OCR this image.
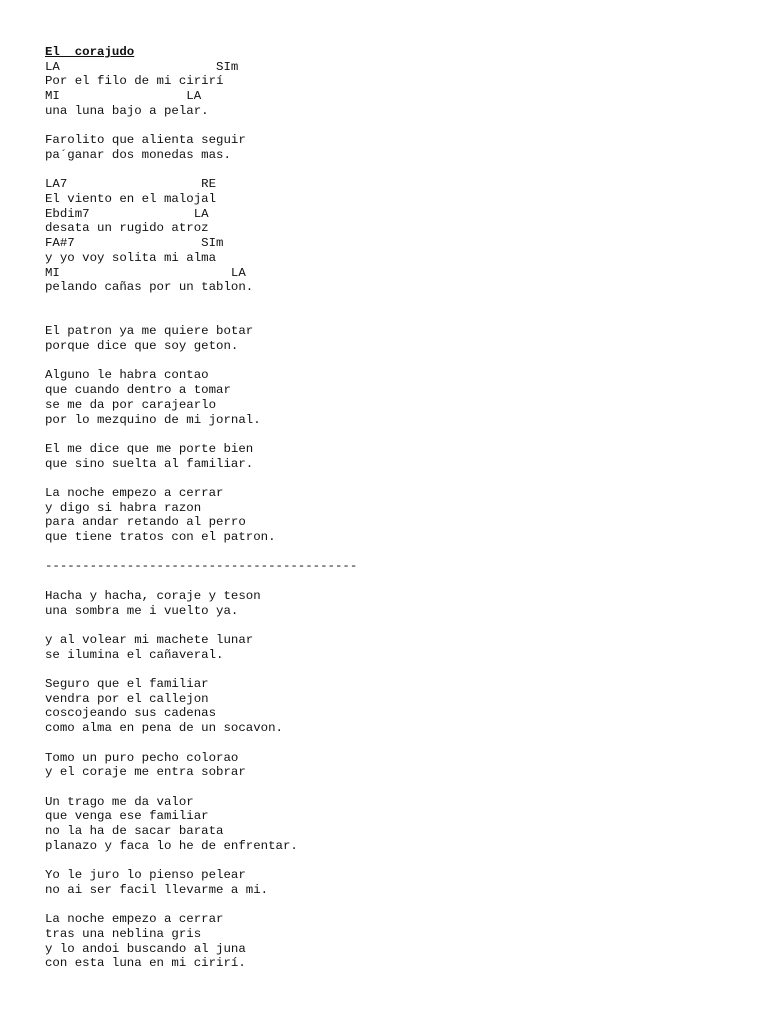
El  corajudo
LA                     SIm
Por el filo de mi cirirí
MI                 LA
una luna bajo a pelar.
Farolito que alienta seguir
pa´ganar dos monedas mas.
LA7                  RE
El viento en el malojal
Ebdim7              LA
desata un rugido atroz
FA#7                 SIm
y yo voy solita mi alma
MI                       LA
pelando cañas por un tablon.
El patron ya me quiere botar
porque dice que soy geton.
Alguno le habra contao
que cuando dentro a tomar
se me da por carajearlo
por lo mezquino de mi jornal.
El me dice que me porte bien
que sino suelta al familiar.
La noche empezo a cerrar
y digo si habra razon
para andar retando al perro
que tiene tratos con el patron.
------------------------------------------
Hacha y hacha, coraje y teson
una sombra me i vuelto ya.
y al volear mi machete lunar
se ilumina el cañaveral.
Seguro que el familiar
vendra por el callejon
coscojeando sus cadenas
como alma en pena de un socavon.
Tomo un puro pecho colorao
y el coraje me entra sobrar
Un trago me da valor
que venga ese familiar
no la ha de sacar barata
planazo y faca lo he de enfrentar.
Yo le juro lo pienso pelear
no ai ser facil llevarme a mi.
La noche empezo a cerrar
tras una neblina gris
y lo andoi buscando al juna
con esta luna en mi cirirí.
